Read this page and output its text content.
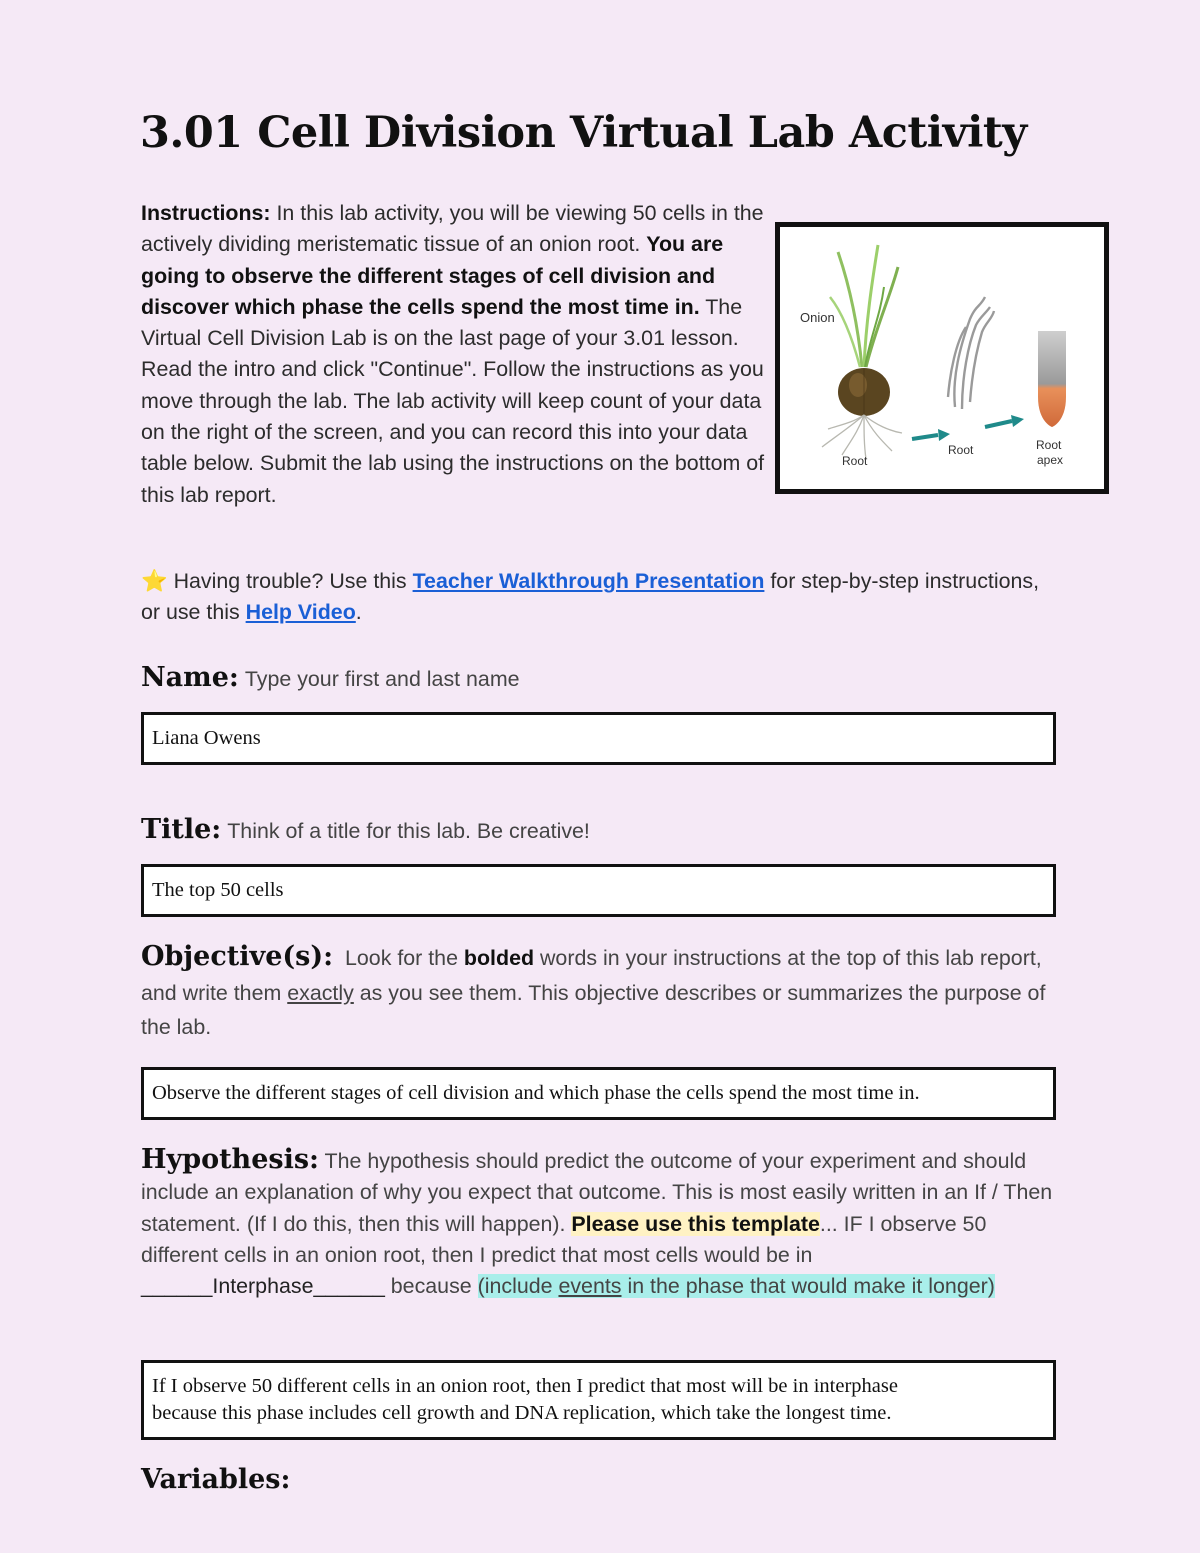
3.01 Cell Division Virtual Lab Activity

Instructions: In this lab activity, you will be viewing 50 cells in the actively dividing meristematic tissue of an onion root. You are going to observe the different stages of cell division and discover which phase the cells spend the most time in. The Virtual Cell Division Lab is on the last page of your 3.01 lesson. Read the intro and click "Continue". Follow the instructions as you move through the lab. The lab activity will keep count of your data on the right of the screen, and you can record this into your data table below. Submit the lab using the instructions on the bottom of this lab report.

Onion
Root
Root	Root apex

⭐ Having trouble? Use this Teacher Walkthrough Presentation for step-by-step instructions, or use this Help Video.

Name: Type your first and last name
Liana Owens
Title: Think of a title for this lab. Be creative!
The top 50 cells

Objective(s): Look for the bolded words in your instructions at the top of this lab report, and write them exactly as you see them. This objective describes or summarizes the purpose of the lab.

Observe the different stages of cell division and which phase the cells spend the most time in.

Hypothesis: The hypothesis should predict the outcome of your experiment and should include an explanation of why you expect that outcome. This is most easily written in an If / Then statement. (If I do this, then this will happen). Please use this template... IF I observe 50 different cells in an onion root, then I predict that most cells would be in ______Interphase______ because (include events in the phase that would make it longer)

If I observe 50 different cells in an onion root, then I predict that most will be in interphase
because this phase includes cell growth and DNA replication, which take the longest time.
Variables:
